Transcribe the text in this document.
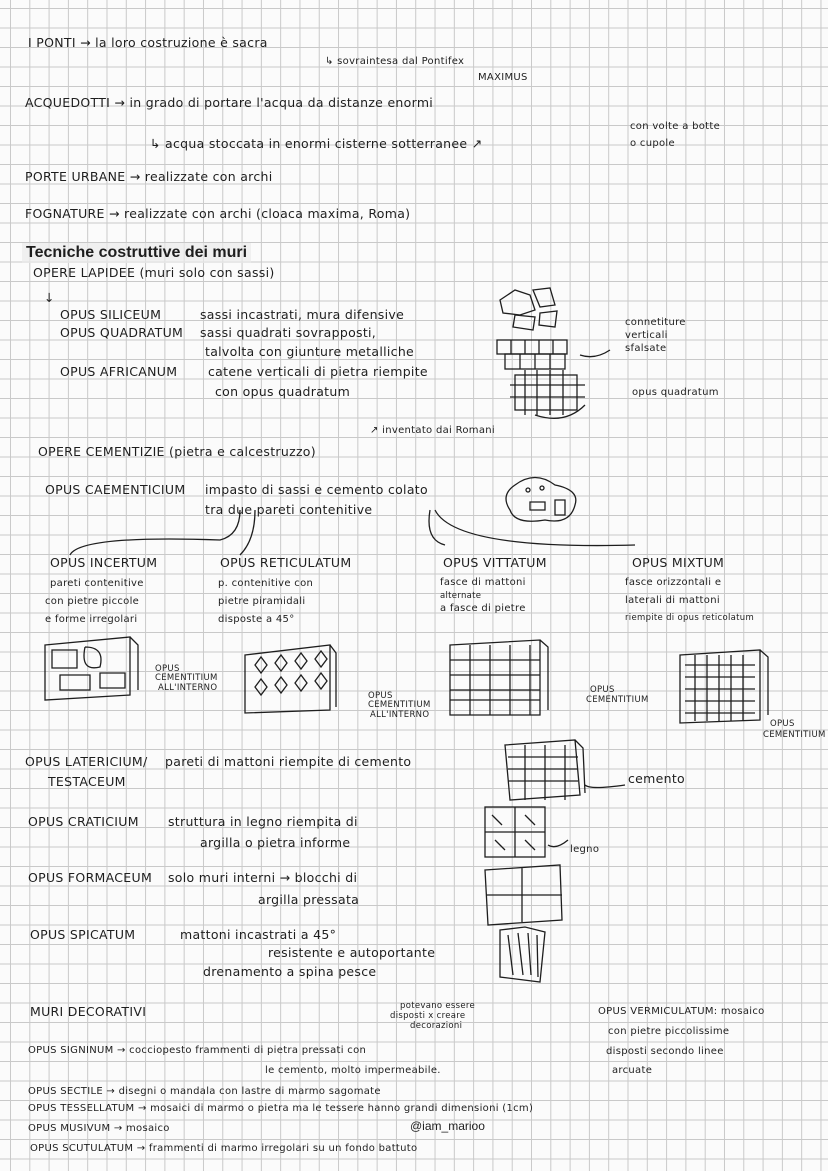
I PONTI → la loro costruzione è sacra
↳ sovraintesa dal Pontifex
MAXIMUS
ACQUEDOTTI → in grado di portare l'acqua da distanze enormi
↳ acqua stoccata in enormi cisterne sotterranee ↗
con volte a botte
o cupole
PORTE URBANE → realizzate con archi
FOGNATURE → realizzate con archi (cloaca maxima, Roma)
Tecniche costruttive dei muri
OPERE LAPIDEE (muri solo con sassi)
↓
OPUS SILICEUM	sassi incastrati, mura difensive
OPUS QUADRATUM sassi quadrati sovrapposti,
talvolta con giunture metalliche
OPUS AFRICANUM catene verticali di pietra riempite
con opus quadratum
connetiture
verticali
sfalsate
opus quadratum
↗ inventato dai Romani
OPERE CEMENTIZIE (pietra e calcestruzzo)
OPUS CAEMENTICIUM impasto di sassi e cemento colato
tra due pareti contenitive
OPUS INCERTUM
pareti contenitive
con pietre piccole
e forme irregolari
OPUS RETICULATUM
p. contenitive con
pietre piramidali
disposte a 45°
OPUS VITTATUM
fasce di mattoni
alternate
a fasce di pietre
OPUS MIXTUM
fasce orizzontali e
laterali di mattoni
riempite di opus reticolatum
OPUS
CEMENTITIUM
ALL'INTERNO
OPUS
CEMENTITIUM
ALL'INTERNO
OPUS
CEMENTITIUM
OPUS
CEMENTITIUM
OPUS LATERICIUM/
TESTACEUM
pareti di mattoni riempite di cemento
cemento
OPUS CRATICIUM struttura in legno riempita di
argilla o pietra informe	legno
OPUS FORMACEUM solo muri interni → blocchi di
argilla pressata
OPUS SPICATUM	mattoni incastrati a 45°
resistente e autoportante
drenamento a spina pesce
MURI DECORATIVI	potevano essere
disposti x creare
decorazioni
OPUS VERMICULATUM: mosaico
con pietre piccolissime
disposti secondo linee
arcuate
OPUS SIGNINUM → cocciopesto frammenti di pietra pressati con
le cemento, molto impermeabile.
OPUS SECTILE → disegni o mandala con lastre di marmo sagomate
OPUS TESSELLATUM → mosaici di marmo o pietra ma le tessere hanno grandi dimensioni (1cm)
@iam_marioo
OPUS MUSIVUM → mosaico
OPUS SCUTULATUM → frammenti di marmo irregolari su un fondo battuto
